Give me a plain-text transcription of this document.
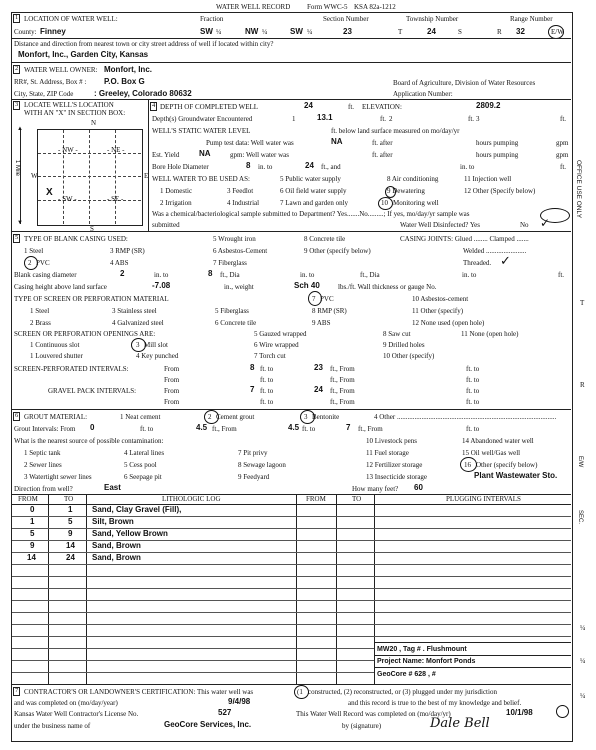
WATER WELL RECORD Form WWC-5 KSA 82a-1212
1 LOCATION OF WATER WELL:	Fraction	Section Number	Township Number	Range Number
County: Finney	SW ¼	NW ¼	SW ¼	23	T	24	S	R 32	E/W
Distance and direction from nearest town or city street address of well if located within city?
Monfort, Inc., Garden City, Kansas
2 WATER WELL OWNER: Monfort, Inc.
RR#, St. Address, Box # : P.O. Box G
City, State, ZIP Code	: Greeley, Colorado 80632
Board of Agriculture, Division of Water Resources
Application Number:
3 LOCATE WELL'S LOCATION
WITH AN "X" IN SECTION BOX:
N
- NW -	- NE -
- SW -	- SE -
W	E
S
X
▲
▼
1 Mile
4 DEPTH OF COMPLETED WELL	24	ft. ELEVATION:	2809.2
Depth(s) Groundwater Encountered	1	13.1	ft. 2	ft. 3	ft.
WELL'S STATIC WATER LEVEL	ft. below land surface measured on mo/day/yr
Pump test data: Well water was	NA	ft. after	hours pumping	gpm
Est. Yield NA	gpm: Well water was	ft. after	hours pumping	gpm
Bore Hole Diameter	8 in. to	24 ft., and	in. to	ft.
WELL WATER TO BE USED AS:	5 Public water supply	8 Air conditioning	11 Injection well
1 Domestic	3 Feedlot	6 Oil field water supply	9 Dewatering	12 Other (Specify below)
2 Irrigation	4 Industrial	7 Lawn and garden only	10 Monitoring well
Was a chemical/bacteriological sample submitted to Department? Yes.......No.........; If yes, mo/day/yr sample was
submitted	Water Well Disinfected? Yes	No ✓
5 TYPE OF BLANK CASING USED:	5 Wrought iron	8 Concrete tile	CASING JOINTS: Glued ........ Clamped .......
1 Steel	3 RMP (SR)	6 Asbestos-Cement	9 Other (specify below)	Welded .......................
2 PVC	4 ABS	7 Fiberglass	Threaded. ✓
Blank casing diameter	2	in. to	8 ft., Dia	in. to	ft., Dia	in. to	ft.
Casing height above land surface	-7.08	in., weight	Sch 40	lbs./ft. Wall thickness or gauge No.
TYPE OF SCREEN OR PERFORATION MATERIAL	7 PVC	10 Asbestos-cement
1 Steel	3 Stainless steel	5 Fiberglass	8 RMP (SR)	11 Other (specify)
2 Brass	4 Galvanized steel	6 Concrete tile	9 ABS	12 None used (open hole)
SCREEN OR PERFORATION OPENINGS ARE:	5 Gauzed wrapped	8 Saw cut	11 None (open hole)
1 Continuous slot	3 Mill slot	6 Wire wrapped	9 Drilled holes
1 Louvered shutter	4 Key punched	7 Torch cut	10 Other (specify)
SCREEN-PERFORATED INTERVALS:	From	8 ft. to	23 ft., From	ft. to
From	ft. to	ft., From	ft. to
GRAVEL PACK INTERVALS:	From	7 ft. to	24 ft., From	ft. to
From	ft. to	ft., From	ft. to
6 GROUT MATERIAL:	1 Neat cement	2 Cement grout	3 Bentonite	4 Other ...........................................................................................
Grout Intervals: From 0	ft. to	4.5 ft., From	4.5 ft. to	7 ft., From	ft. to
What is the nearest source of possible contamination:	10 Livestock pens	14 Abandoned water well
1 Septic tank	4 Lateral lines	7 Pit privy	11 Fuel storage	15 Oil well/Gas well
2 Sewer lines	5 Cess pool	8 Sewage lagoon	12 Fertilizer storage	16 Other (specify below)
3 Watertight sewer lines	6 Seepage pit	9 Feedyard	13 Insecticide storage	Plant Wastewater Sto.
Direction from well?	East	How many feet? 60
FROM	TO	LITHOLOGIC LOG	FROM	TO	PLUGGING INTERVALS
0	1 Sand, Clay Gravel (Fill),
1	5 Silt, Brown
5	9 Sand, Yellow Brown
9	14 Sand, Brown
14	24 Sand, Brown
MW20 , Tag # . Flushmount
Project Name: Monfort Ponds
GeoCore # 628 , #
7 CONTRACTOR'S OR LANDOWNER'S CERTIFICATION: This water well was	(1 constructed, (2) reconstructed, or (3) plugged under my jurisdiction
and was completed on (mo/day/year)	9/4/98	and this record is true to the best of my knowledge and belief.
Kansas Water Well Contractor's License No.	527	This Water Well Record was completed on (mo/day/yr)	10/1/98
under the business name of	GeoCore Services, Inc.	by (signature)	Dale Bell
OFFICE USE ONLY
T
R
E/W
SEC.
¼
¼
¼
